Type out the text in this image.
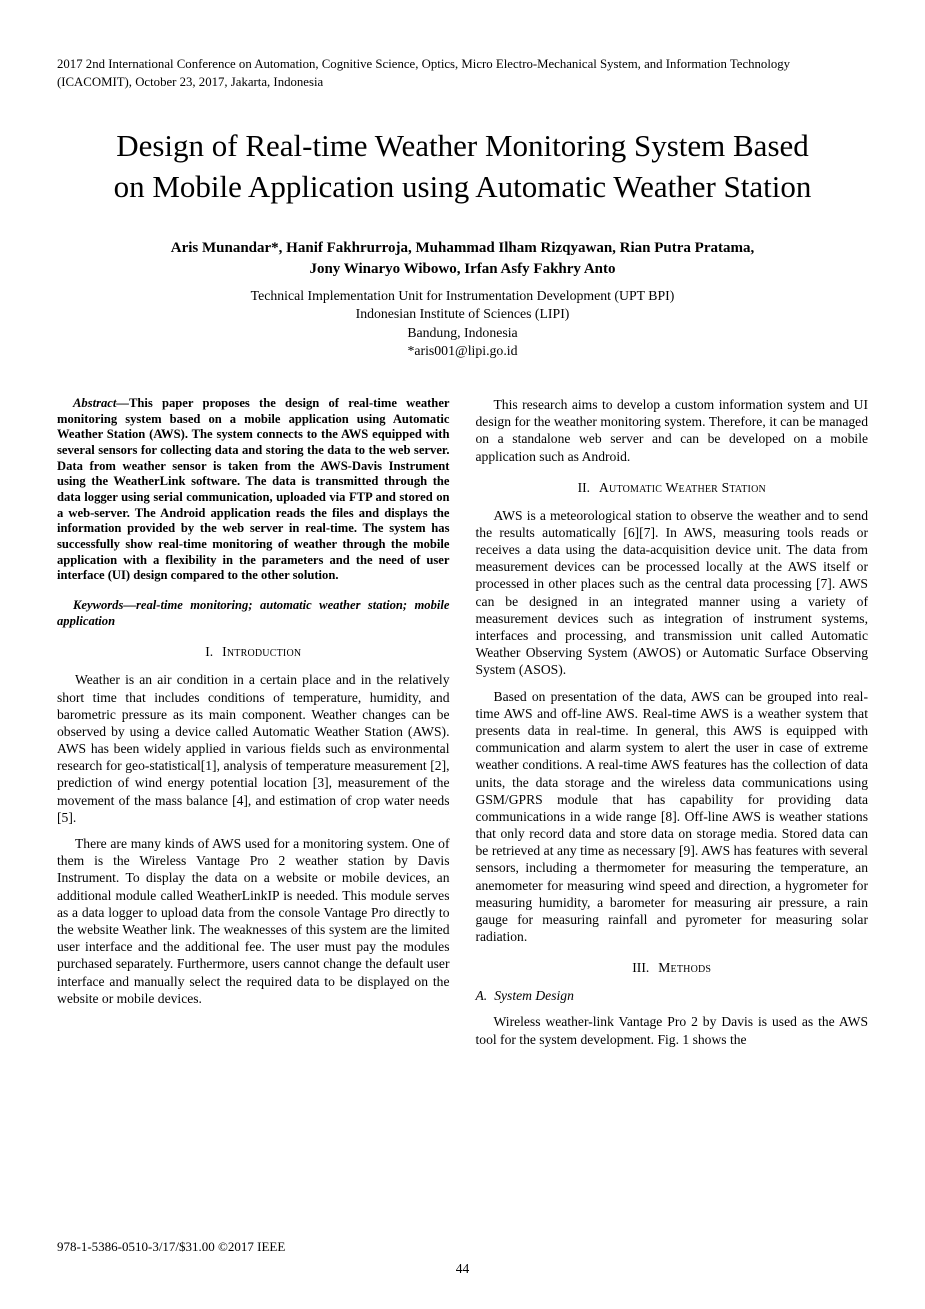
2017 2nd International Conference on Automation, Cognitive Science, Optics, Micro Electro-Mechanical System, and Information Technology
(ICACOMIT), October 23, 2017, Jakarta, Indonesia
Design of Real-time Weather Monitoring System Based on Mobile Application using Automatic Weather Station
Aris Munandar*, Hanif Fakhrurroja, Muhammad Ilham Rizqyawan, Rian Putra Pratama,
Jony Winaryo Wibowo, Irfan Asfy Fakhry Anto
Technical Implementation Unit for Instrumentation Development (UPT BPI)
Indonesian Institute of Sciences (LIPI)
Bandung, Indonesia
*aris001@lipi.go.id

Abstract—This paper proposes the design of real-time weather monitoring system based on a mobile application using Automatic Weather Station (AWS). The system connects to the AWS equipped with several sensors for collecting data and storing the data to the web server. Data from weather sensor is taken from the AWS-Davis Instrument using the WeatherLink software. The data is transmitted through the data logger using serial communication, uploaded via FTP and stored on a web-server. The Android application reads the files and displays the information provided by the web server in real-time. The system has successfully show real-time monitoring of weather through the mobile application with a flexibility in the parameters and the need of user interface (UI) design compared to the other solution.

Keywords—real-time monitoring; automatic weather station; mobile application

I. Introduction

Weather is an air condition in a certain place and in the relatively short time that includes conditions of temperature, humidity, and barometric pressure as its main component. Weather changes can be observed by using a device called Automatic Weather Station (AWS). AWS has been widely applied in various fields such as environmental research for geo-statistical[1], analysis of temperature measurement [2], prediction of wind energy potential location [3], measurement of the movement of the mass balance [4], and estimation of crop water needs [5].

There are many kinds of AWS used for a monitoring system. One of them is the Wireless Vantage Pro 2 weather station by Davis Instrument. To display the data on a website or mobile devices, an additional module called WeatherLinkIP is needed. This module serves as a data logger to upload data from the console Vantage Pro directly to the website Weather link. The weaknesses of this system are the limited user interface and the additional fee. The user must pay the modules purchased separately. Furthermore, users cannot change the default user interface and manually select the required data to be displayed on the website or mobile devices.

This research aims to develop a custom information system and UI design for the weather monitoring system. Therefore, it can be managed on a standalone web server and can be developed on a mobile application such as Android.

II. Automatic Weather Station

AWS is a meteorological station to observe the weather and to send the results automatically [6][7]. In AWS, measuring tools reads or receives a data using the data-acquisition device unit. The data from measurement devices can be processed locally at the AWS itself or processed in other places such as the central data processing [7]. AWS can be designed in an integrated manner using a variety of measurement devices such as integration of instrument systems, interfaces and processing, and transmission unit called Automatic Weather Observing System (AWOS) or Automatic Surface Observing System (ASOS).

Based on presentation of the data, AWS can be grouped into real-time AWS and off-line AWS. Real-time AWS is a weather system that presents data in real-time. In general, this AWS is equipped with communication and alarm system to alert the user in case of extreme weather conditions. A real-time AWS features has the collection of data units, the data storage and the wireless data communications using GSM/GPRS module that has capability for providing data communications in a wide range [8]. Off-line AWS is weather stations that only record data and store data on storage media. Stored data can be retrieved at any time as necessary [9]. AWS has features with several sensors, including a thermometer for measuring the temperature, an anemometer for measuring wind speed and direction, a hygrometer for measuring humidity, a barometer for measuring air pressure, a rain gauge for measuring rainfall and pyrometer for measuring solar radiation.

III. Methods
A. System Design

Wireless weather-link Vantage Pro 2 by Davis is used as the AWS tool for the system development. Fig. 1 shows the

978-1-5386-0510-3/17/$31.00 ©2017 IEEE
44
